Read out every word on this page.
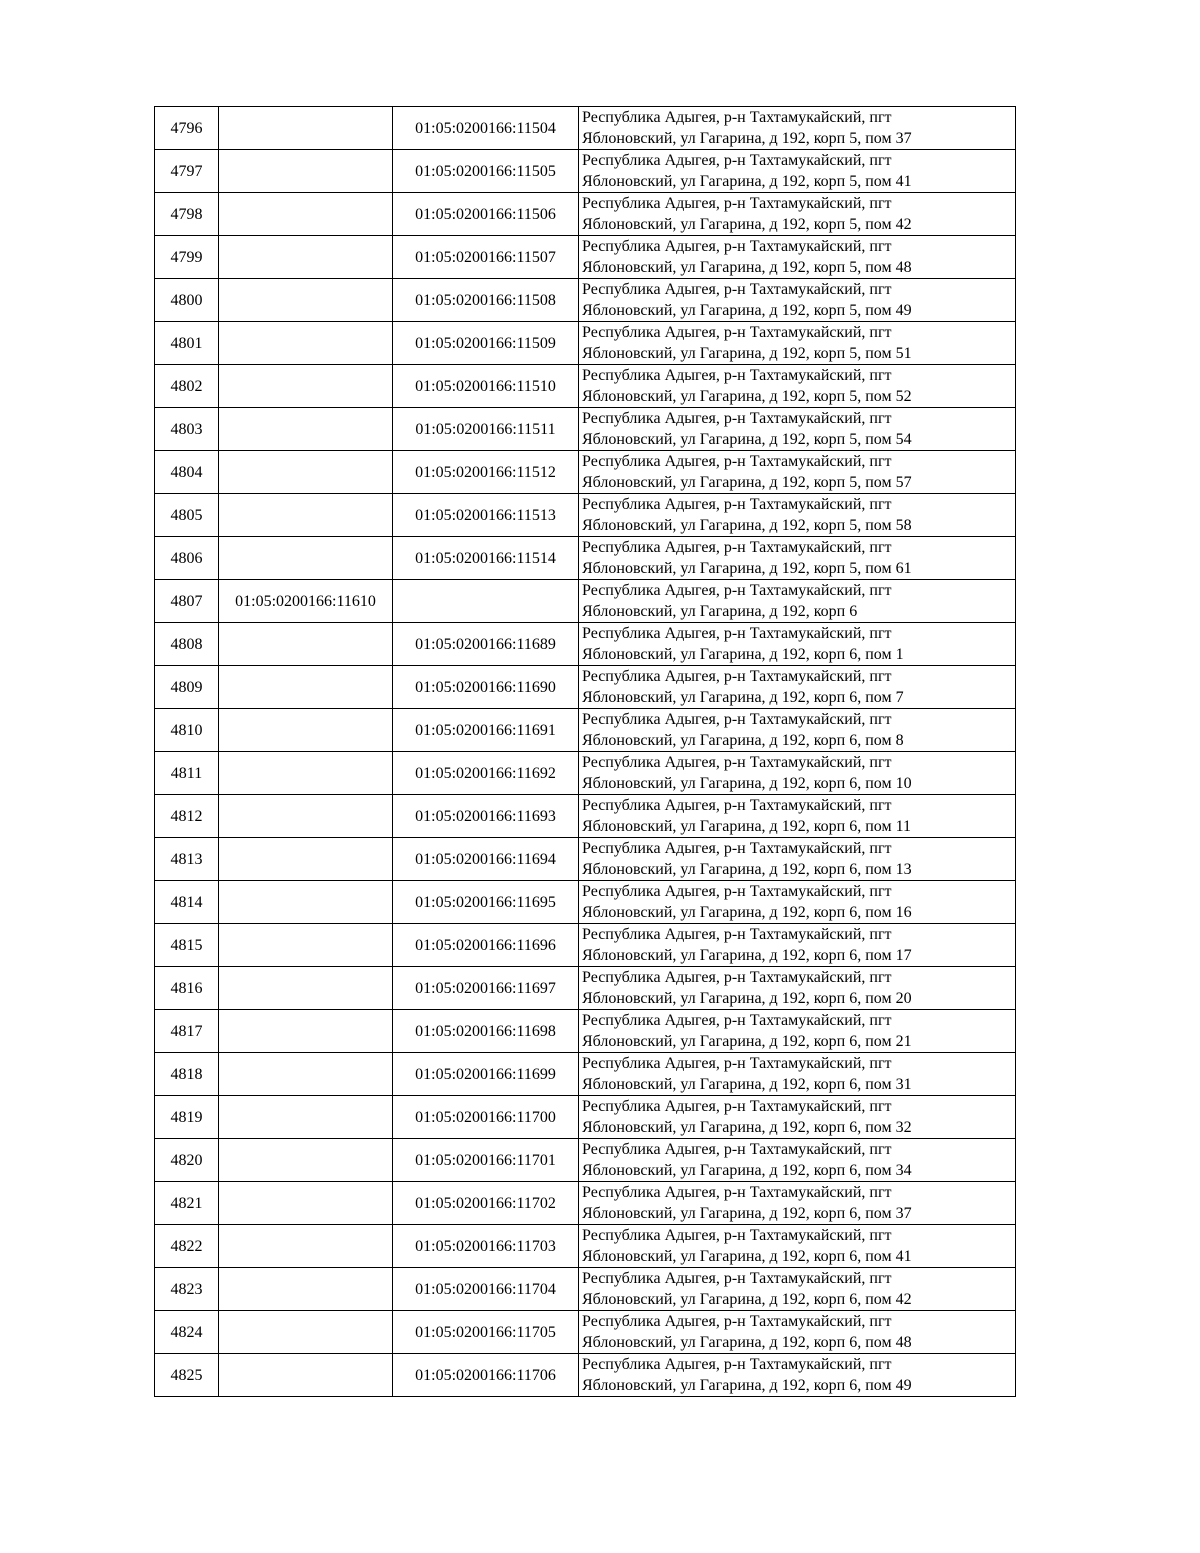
4796		01:05:0200166:11504	Республика Адыгея, р-н Тахтамукайский, пгт
Яблоновский, ул Гагарина, д 192, корп 5, пом 37

4797		01:05:0200166:11505	Республика Адыгея, р-н Тахтамукайский, пгт
Яблоновский, ул Гагарина, д 192, корп 5, пом 41

4798		01:05:0200166:11506	Республика Адыгея, р-н Тахтамукайский, пгт
Яблоновский, ул Гагарина, д 192, корп 5, пом 42

4799		01:05:0200166:11507	Республика Адыгея, р-н Тахтамукайский, пгт
Яблоновский, ул Гагарина, д 192, корп 5, пом 48

4800		01:05:0200166:11508	Республика Адыгея, р-н Тахтамукайский, пгт
Яблоновский, ул Гагарина, д 192, корп 5, пом 49

4801		01:05:0200166:11509	Республика Адыгея, р-н Тахтамукайский, пгт
Яблоновский, ул Гагарина, д 192, корп 5, пом 51

4802		01:05:0200166:11510	Республика Адыгея, р-н Тахтамукайский, пгт
Яблоновский, ул Гагарина, д 192, корп 5, пом 52

4803		01:05:0200166:11511	Республика Адыгея, р-н Тахтамукайский, пгт
Яблоновский, ул Гагарина, д 192, корп 5, пом 54

4804		01:05:0200166:11512	Республика Адыгея, р-н Тахтамукайский, пгт
Яблоновский, ул Гагарина, д 192, корп 5, пом 57

4805		01:05:0200166:11513	Республика Адыгея, р-н Тахтамукайский, пгт
Яблоновский, ул Гагарина, д 192, корп 5, пом 58

4806		01:05:0200166:11514	Республика Адыгея, р-н Тахтамукайский, пгт
Яблоновский, ул Гагарина, д 192, корп 5, пом 61

4807	01:05:0200166:11610		Республика Адыгея, р-н Тахтамукайский, пгт
Яблоновский, ул Гагарина, д 192, корп 6

4808		01:05:0200166:11689	Республика Адыгея, р-н Тахтамукайский, пгт
Яблоновский, ул Гагарина, д 192, корп 6, пом 1

4809		01:05:0200166:11690	Республика Адыгея, р-н Тахтамукайский, пгт
Яблоновский, ул Гагарина, д 192, корп 6, пом 7

4810		01:05:0200166:11691	Республика Адыгея, р-н Тахтамукайский, пгт
Яблоновский, ул Гагарина, д 192, корп 6, пом 8

4811		01:05:0200166:11692	Республика Адыгея, р-н Тахтамукайский, пгт
Яблоновский, ул Гагарина, д 192, корп 6, пом 10

4812		01:05:0200166:11693	Республика Адыгея, р-н Тахтамукайский, пгт
Яблоновский, ул Гагарина, д 192, корп 6, пом 11

4813		01:05:0200166:11694	Республика Адыгея, р-н Тахтамукайский, пгт
Яблоновский, ул Гагарина, д 192, корп 6, пом 13

4814		01:05:0200166:11695	Республика Адыгея, р-н Тахтамукайский, пгт
Яблоновский, ул Гагарина, д 192, корп 6, пом 16

4815		01:05:0200166:11696	Республика Адыгея, р-н Тахтамукайский, пгт
Яблоновский, ул Гагарина, д 192, корп 6, пом 17

4816		01:05:0200166:11697	Республика Адыгея, р-н Тахтамукайский, пгт
Яблоновский, ул Гагарина, д 192, корп 6, пом 20

4817		01:05:0200166:11698	Республика Адыгея, р-н Тахтамукайский, пгт
Яблоновский, ул Гагарина, д 192, корп 6, пом 21

4818		01:05:0200166:11699	Республика Адыгея, р-н Тахтамукайский, пгт
Яблоновский, ул Гагарина, д 192, корп 6, пом 31

4819		01:05:0200166:11700	Республика Адыгея, р-н Тахтамукайский, пгт
Яблоновский, ул Гагарина, д 192, корп 6, пом 32

4820		01:05:0200166:11701	Республика Адыгея, р-н Тахтамукайский, пгт
Яблоновский, ул Гагарина, д 192, корп 6, пом 34

4821		01:05:0200166:11702	Республика Адыгея, р-н Тахтамукайский, пгт
Яблоновский, ул Гагарина, д 192, корп 6, пом 37

4822		01:05:0200166:11703	Республика Адыгея, р-н Тахтамукайский, пгт
Яблоновский, ул Гагарина, д 192, корп 6, пом 41

4823		01:05:0200166:11704	Республика Адыгея, р-н Тахтамукайский, пгт
Яблоновский, ул Гагарина, д 192, корп 6, пом 42

4824		01:05:0200166:11705	Республика Адыгея, р-н Тахтамукайский, пгт
Яблоновский, ул Гагарина, д 192, корп 6, пом 48

4825		01:05:0200166:11706	Республика Адыгея, р-н Тахтамукайский, пгт
Яблоновский, ул Гагарина, д 192, корп 6, пом 49
